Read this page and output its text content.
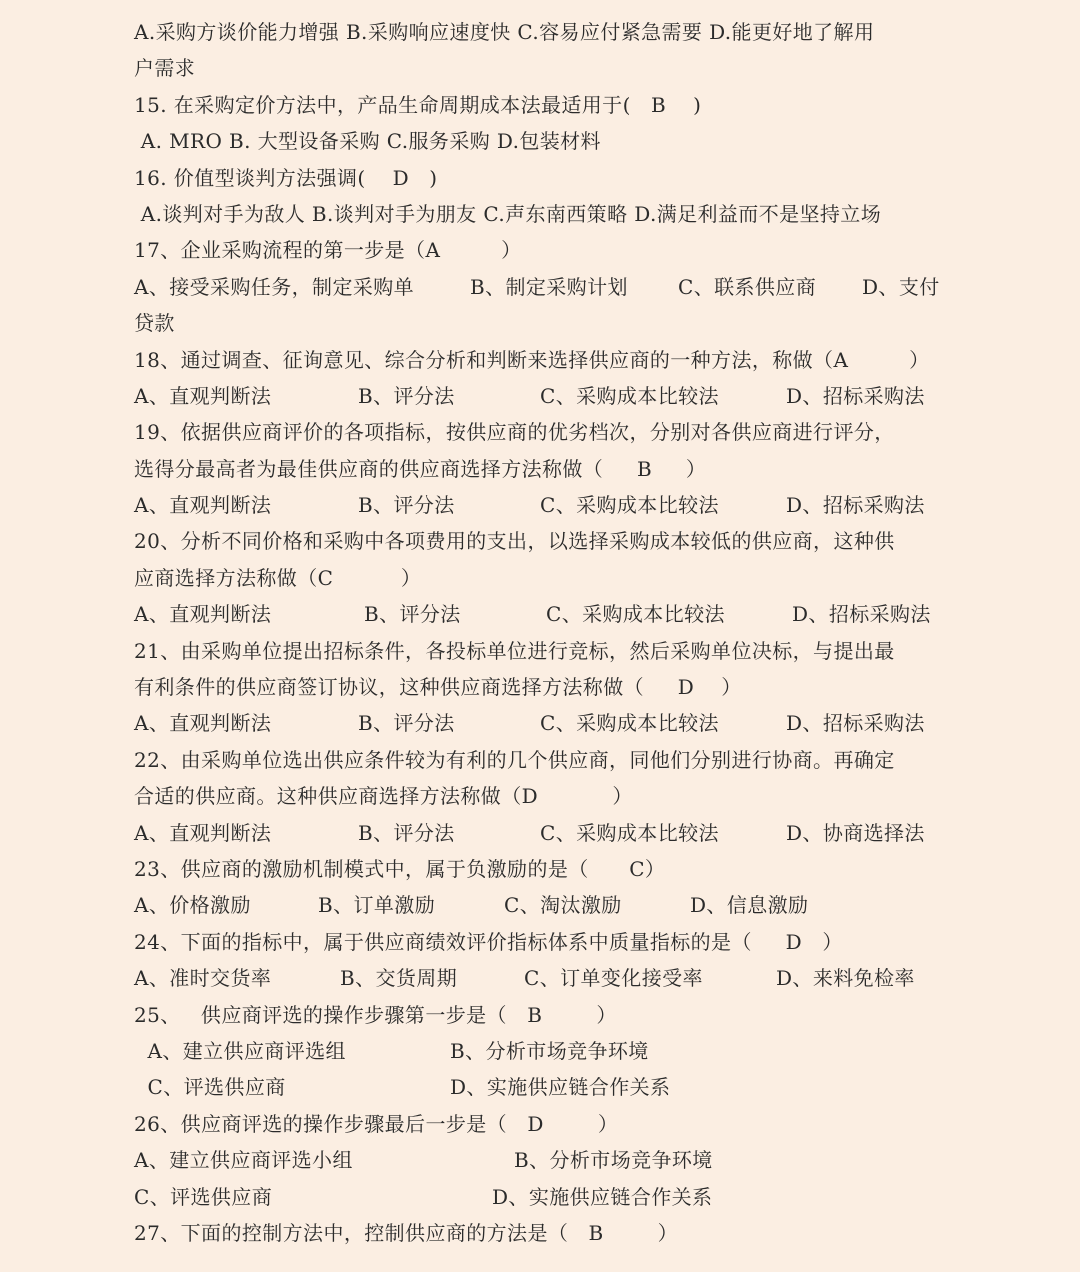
A.采购方谈价能力增强 B.采购响应速度快 C.容易应付紧急需要 D.能更好地了解用
户需求
15. 在采购定价方法中，产品生命周期成本法最适用于(   B    )
A. MRO B. 大型设备采购 C.服务采购 D.包装材料
16. 价值型谈判方法强调(    D   )
A.谈判对手为敌人 B.谈判对手为朋友 C.声东南西策略 D.满足利益而不是坚持立场
17、企业采购流程的第一步是（A         ）
A、接受采购任务，制定采购单	B、制定采购计划	C、联系供应商 D、支付
贷款
18、通过调查、征询意见、综合分析和判断来选择供应商的一种方法，称做（A         ）
A、直观判断法	B、评分法	C、采购成本比较法	D、招标采购法
19、依据供应商评价的各项指标，按供应商的优劣档次，分别对各供应商进行评分，
选得分最高者为最佳供应商的供应商选择方法称做（     B     ）
A、直观判断法	B、评分法	C、采购成本比较法	D、招标采购法
20、分析不同价格和采购中各项费用的支出，以选择采购成本较低的供应商，这种供
应商选择方法称做（C          ）
A、直观判断法	B、评分法	C、采购成本比较法	D、招标采购法
21、由采购单位提出招标条件，各投标单位进行竞标，然后采购单位决标，与提出最
有利条件的供应商签订协议，这种供应商选择方法称做（     D    ）
A、直观判断法	B、评分法	C、采购成本比较法	D、招标采购法
22、由采购单位选出供应条件较为有利的几个供应商，同他们分别进行协商。再确定
合适的供应商。这种供应商选择方法称做（D           ）
A、直观判断法	B、评分法	C、采购成本比较法	D、协商选择法
23、供应商的激励机制模式中，属于负激励的是（      C）
A、价格激励	B、订单激励	C、淘汰激励	D、信息激励
24、下面的指标中，属于供应商绩效评价指标体系中质量指标的是（     D   ）
A、准时交货率	B、交货周期	C、订单变化接受率	D、来料免检率
25、   供应商评选的操作步骤第一步是（   B        ）
A、建立供应商评选组	B、分析市场竞争环境
C、评选供应商	D、实施供应链合作关系
26、供应商评选的操作步骤最后一步是（   D        ）
A、建立供应商评选小组	B、分析市场竞争环境
C、评选供应商	D、实施供应链合作关系
27、下面的控制方法中，控制供应商的方法是（   B        ）
